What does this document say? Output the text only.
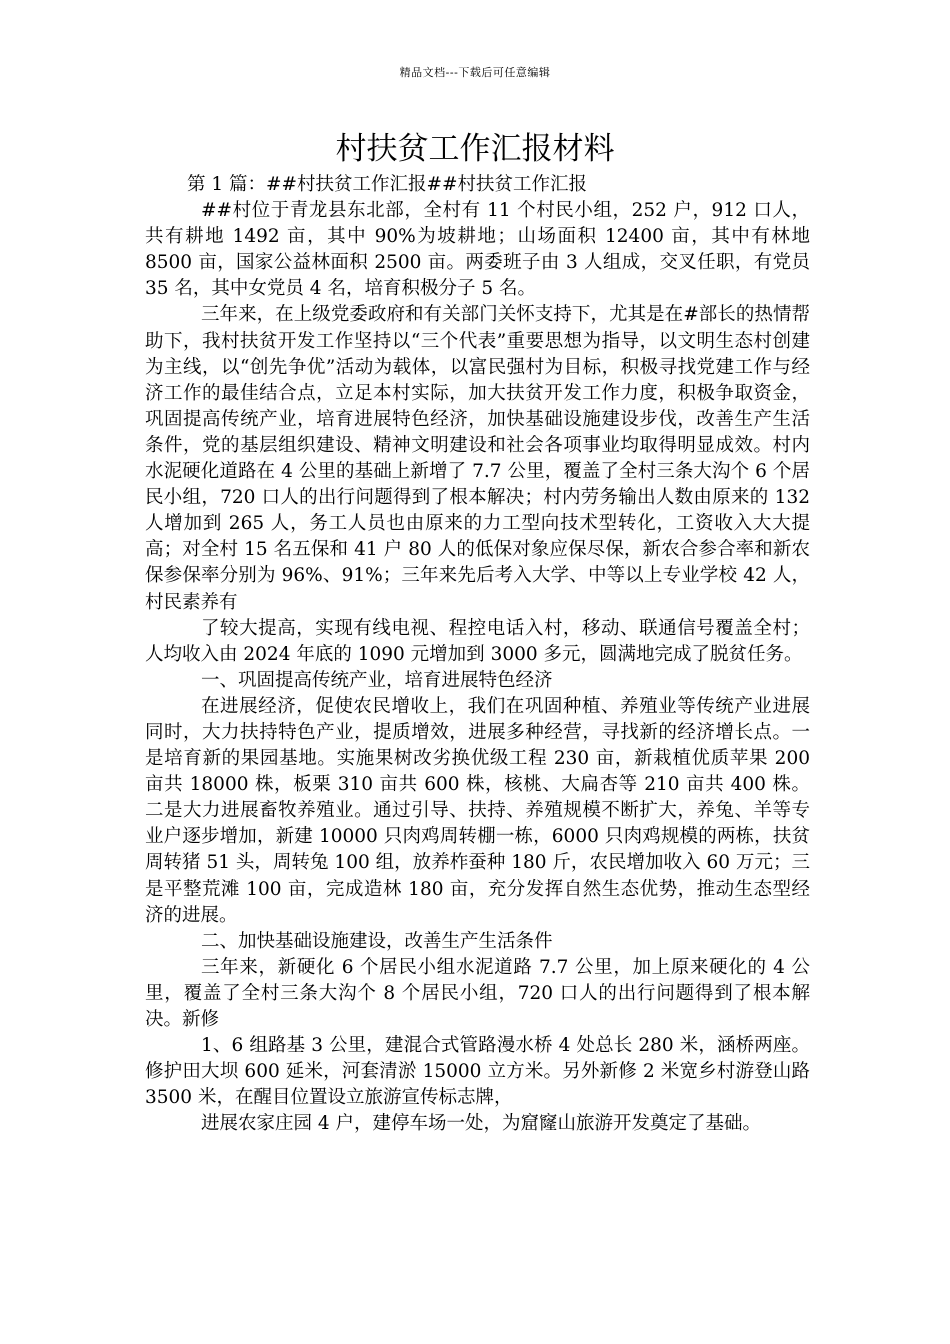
精品文档---下载后可任意编辑
村扶贫工作汇报材料

第 1 篇：##村扶贫工作汇报##村扶贫工作汇报

##村位于青龙县东北部，全村有 11 个村民小组，252 户，912 口人，共有耕地 1492 亩，其中 90%为坡耕地；山场面积 12400 亩，其中有林地 8500 亩，国家公益林面积 2500 亩。两委班子由 3 人组成，交叉任职，有党员 35 名，其中女党员 4 名，培育积极分子 5 名。

三年来，在上级党委政府和有关部门关怀支持下，尤其是在#部长的热情帮助下，我村扶贫开发工作坚持以“三个代表”重要思想为指导，以文明生态村创建为主线，以“创先争优”活动为载体，以富民强村为目标，积极寻找党建工作与经济工作的最佳结合点，立足本村实际，加大扶贫开发工作力度，积极争取资金，巩固提高传统产业，培育进展特色经济，加快基础设施建设步伐，改善生产生活条件，党的基层组织建设、精神文明建设和社会各项事业均取得明显成效。村内水泥硬化道路在 4 公里的基础上新增了 7.7 公里，覆盖了全村三条大沟个 6 个居民小组，720 口人的出行问题得到了根本解决；村内劳务输出人数由原来的 132 人增加到 265 人，务工人员也由原来的力工型向技术型转化，工资收入大大提高；对全村 15 名五保和 41 户 80 人的低保对象应保尽保，新农合参合率和新农保参保率分别为 96%、91%；三年来先后考入大学、中等以上专业学校 42 人，村民素养有

了较大提高，实现有线电视、程控电话入村，移动、联通信号覆盖全村；人均收入由 2024 年底的 1090 元增加到 3000 多元，圆满地完成了脱贫任务。

一、巩固提高传统产业，培育进展特色经济

在进展经济，促使农民增收上，我们在巩固种植、养殖业等传统产业进展同时，大力扶持特色产业，提质增效，进展多种经营，寻找新的经济增长点。一是培育新的果园基地。实施果树改劣换优级工程 230 亩，新栽植优质苹果 200 亩共 18000 株，板栗 310 亩共 600 株，核桃、大扁杏等 210 亩共 400 株。二是大力进展畜牧养殖业。通过引导、扶持、养殖规模不断扩大，养兔、羊等专业户逐步增加，新建 10000 只肉鸡周转棚一栋，6000 只肉鸡规模的两栋，扶贫周转猪 51 头，周转兔 100 组，放养柞蚕种 180 斤，农民增加收入 60 万元；三是平整荒滩 100 亩，完成造林 180 亩，充分发挥自然生态优势，推动生态型经济的进展。

二、加快基础设施建设，改善生产生活条件

三年来，新硬化 6 个居民小组水泥道路 7.7 公里，加上原来硬化的 4 公里，覆盖了全村三条大沟个 8 个居民小组，720 口人的出行问题得到了根本解决。新修

1、6 组路基 3 公里，建混合式管路漫水桥 4 处总长 280 米，涵桥两座。修护田大坝 600 延米，河套清淤 15000 立方米。另外新修 2 米宽乡村游登山路 3500 米，在醒目位置设立旅游宣传标志牌，

进展农家庄园 4 户，建停车场一处，为窟窿山旅游开发奠定了基础。
